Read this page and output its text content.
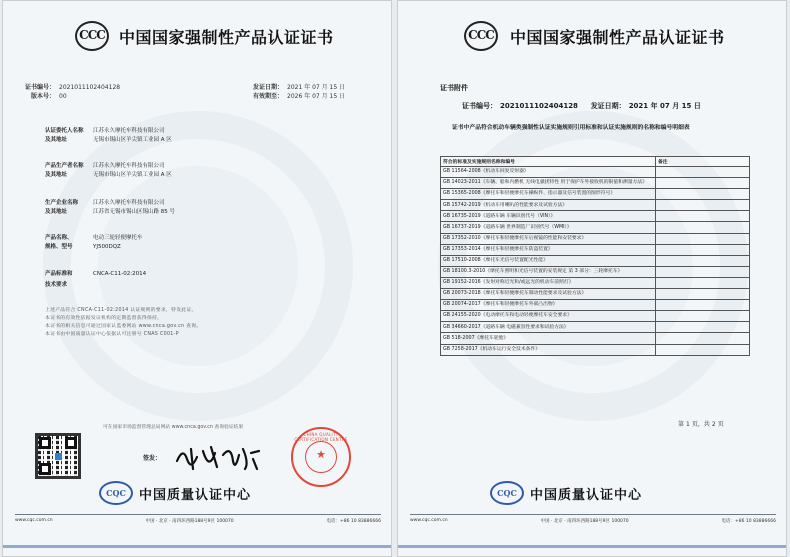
CCC 中国国家强制性产品认证证书
证书编号： 2021011102404128
版本号： 00
发证日期： 2021 年 07 月 15 日
有效期至： 2026 年 07 月 15 日
认证委托人名称 江苏永久摩托车科技有限公司
及其地址	无锡市锡山区羊尖镇工业园 A 区
产品生产者名称 江苏永久摩托车科技有限公司
及其地址	无锡市锡山区羊尖镇工业园 A 区
生产企业名称	江苏永久摩托车科技有限公司
及其地址	江苏省无锡市锡山区锡山路 85 号
产品名称、	电动三轮轻便摩托车
规格、型号	YJ500DQZ
产品标准和	CNCA-C11-02:2014
技术要求
上述产品符合 CNCA-C11-02:2014 认证规则的要求，特发此证。
本证书的有效性依据发证机构的定期监督获得保持。
本证书的相关信息可通过国家认监委网站 www.cnca.gov.cn 查询。
本证书由中国质量认证中心依据认可注册号 CNAS C001-P
可在国家市场监督管理总局网站 www.cnca.gov.cn 查询验证结果
签发：
CHINA QUALITY CERTIFICATION CENTRE
★
CQC	中国质量认证中心
www.cqc.com.cn	中国 · 北京 · 南四环西路188号9区 100070	电话：+86 10 83886666
CCC 中国国家强制性产品认证证书
证书附件
证书编号： 2021011102404128 发证日期： 2021 年 07 月 15 日
证书中产品符合机动车辆类强制性认证实施规则引用标准和认证实施规则的名称和编号明细表
符合的标准及实施规则名称和编号	备注
GB 11564-2008《机动车回复反射器》	
GB 14023-2011《车辆、船和内燃机 无线电骚扰特性 用于保护车外接收机的限值和测量方法》	
GB 15365-2008《摩托车和轻便摩托车操纵件、指示器及信号装置的图形符号》	
GB 15742-2019《机动车用喇叭的性能要求及试验方法》	
GB 16735-2019《道路车辆 车辆识别代号（VIN）》	
GB 16737-2019《道路车辆 世界制造厂识别代号（WMI）》	
GB 17352-2010《摩托车和轻便摩托车后视镜的性能和安装要求》	
GB 17353-2014《摩托车和轻便摩托车防盗装置》	
GB 17510-2008《摩托车光信号装置配光性能》	
GB 18100.3-2010《摩托车照明和光信号装置的安装规定 第 3 部分：三轮摩托车》	
GB 19152-2016《发射对称近光和/或远光的机动车前照灯》	
GB 20073-2018《摩托车和轻便摩托车制动性能要求及试验方法》	
GB 20074-2017《摩托车和轻便摩托车外部凸出物》	
GB 24155-2020《电动摩托车和电动轻便摩托车安全要求》	
GB 34660-2017《道路车辆 电磁兼容性要求和试验方法》	
GB 518-2007《摩托车轮胎》	
GB 7258-2017《机动车运行安全技术条件》	
第 1 页，共 2 页
CQC	中国质量认证中心
www.cqc.com.cn	中国 · 北京 · 南四环西路188号9区 100070	电话：+86 10 83886666
